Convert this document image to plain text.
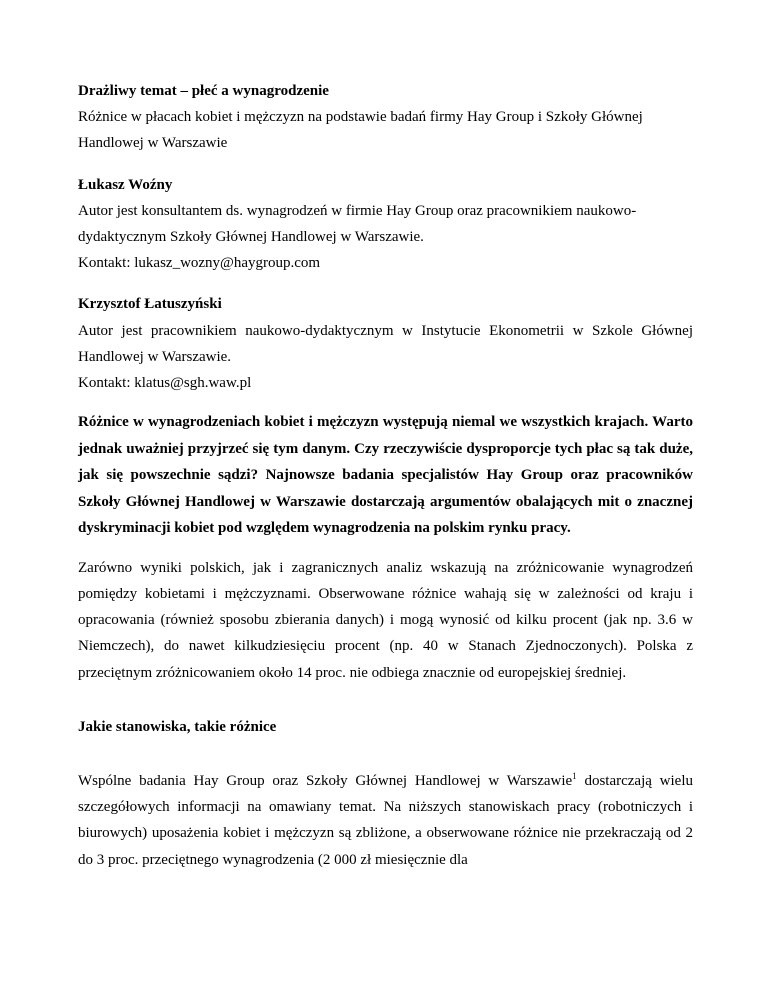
Drażliwy temat – płeć a wynagrodzenie

Różnice w płacach kobiet i mężczyzn na podstawie badań firmy Hay Group i Szkoły Głównej Handlowej w Warszawie

Łukasz Woźny

Autor jest konsultantem ds. wynagrodzeń w firmie Hay Group oraz pracownikiem naukowo-dydaktycznym Szkoły Głównej Handlowej w Warszawie.

Kontakt: lukasz_wozny@haygroup.com

Krzysztof Łatuszyński

Autor jest pracownikiem naukowo-dydaktycznym w Instytucie Ekonometrii w Szkole Głównej Handlowej w Warszawie.

Kontakt: klatus@sgh.waw.pl

Różnice w wynagrodzeniach kobiet i mężczyzn występują niemal we wszystkich krajach. Warto jednak uważniej przyjrzeć się tym danym. Czy rzeczywiście dysproporcje tych płac są tak duże, jak się powszechnie sądzi? Najnowsze badania specjalistów Hay Group oraz pracowników Szkoły Głównej Handlowej w Warszawie dostarczają argumentów obalających mit o znacznej dyskryminacji kobiet pod względem wynagrodzenia na polskim rynku pracy.

Zarówno wyniki polskich, jak i zagranicznych analiz wskazują na zróżnicowanie wynagrodzeń pomiędzy kobietami i mężczyznami. Obserwowane różnice wahają się w zależności od kraju i opracowania (również sposobu zbierania danych) i mogą wynosić od kilku procent (jak np. 3.6 w Niemczech), do nawet kilkudziesięciu procent (np. 40 w Stanach Zjednoczonych). Polska z przeciętnym zróżnicowaniem około 14 proc. nie odbiega znacznie od europejskiej średniej.

Jakie stanowiska, takie różnice

Wspólne badania Hay Group oraz Szkoły Głównej Handlowej w Warszawie$^1$ dostarczają wielu szczegółowych informacji na omawiany temat. Na niższych stanowiskach pracy (robotniczych i biurowych) uposażenia kobiet i mężczyzn są zbliżone, a obserwowane różnice nie przekraczają od 2 do 3 proc. przeciętnego wynagrodzenia (2 000 zł miesięcznie dla
